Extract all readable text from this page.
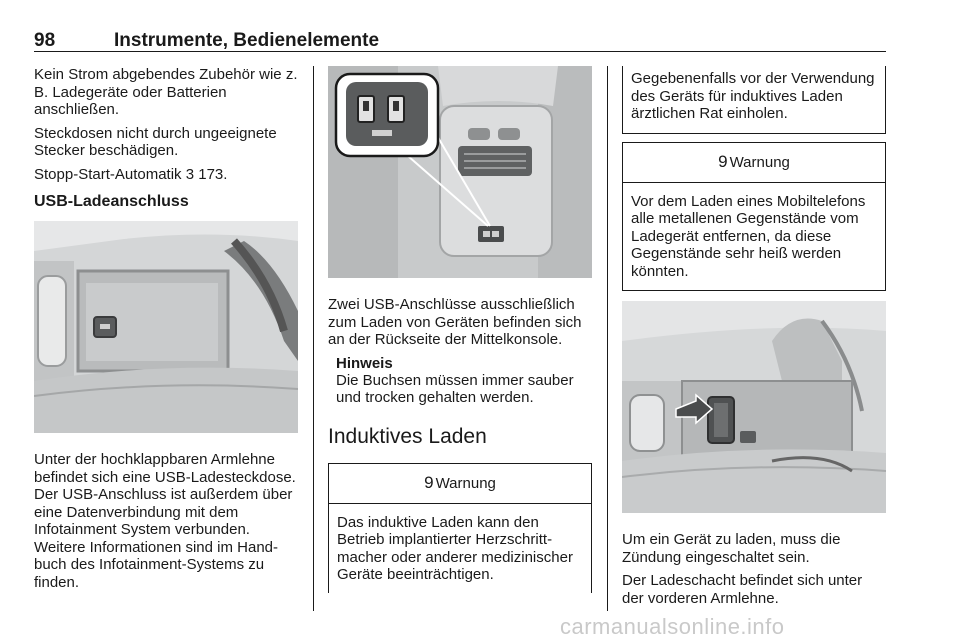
98	Instrumente, Bedienelemente

Kein Strom abgebendes Zubehör wie z. B. Ladegeräte oder Batterien anschließen.

Steckdosen nicht durch ungeeignete Stecker beschädigen.

Stopp-Start-Automatik 3 173.

USB-Ladeanschluss

Unter der hochklappbaren Armlehne befindet sich eine USB-Ladesteckdose. Der USB-Anschluss ist außerdem über eine Datenverbindung mit dem Infotainment System verbunden. Weitere Informationen sind im Handbuch des Infotainment-Systems zu finden.

Zwei USB-Anschlüsse ausschließlich zum Laden von Geräten befinden sich an der Rückseite der Mittelkonsole.

Hinweis

Die Buchsen müssen immer sauber und trocken gehalten werden.

Induktives Laden
9 Warnung
Das induktive Laden kann den Betrieb implantierter Herzschrittmacher oder anderer medizinischer Geräte beeinträchtigen.
Gegebenenfalls vor der Verwendung des Geräts für induktives Laden ärztlichen Rat einholen.
9 Warnung
Vor dem Laden eines Mobiltelefons alle metallenen Gegenstände vom Ladegerät entfernen, da diese Gegenstände sehr heiß werden könnten.

Um ein Gerät zu laden, muss die Zündung eingeschaltet sein.

Der Ladeschacht befindet sich unter der vorderen Armlehne.

carmanualsonline.info
